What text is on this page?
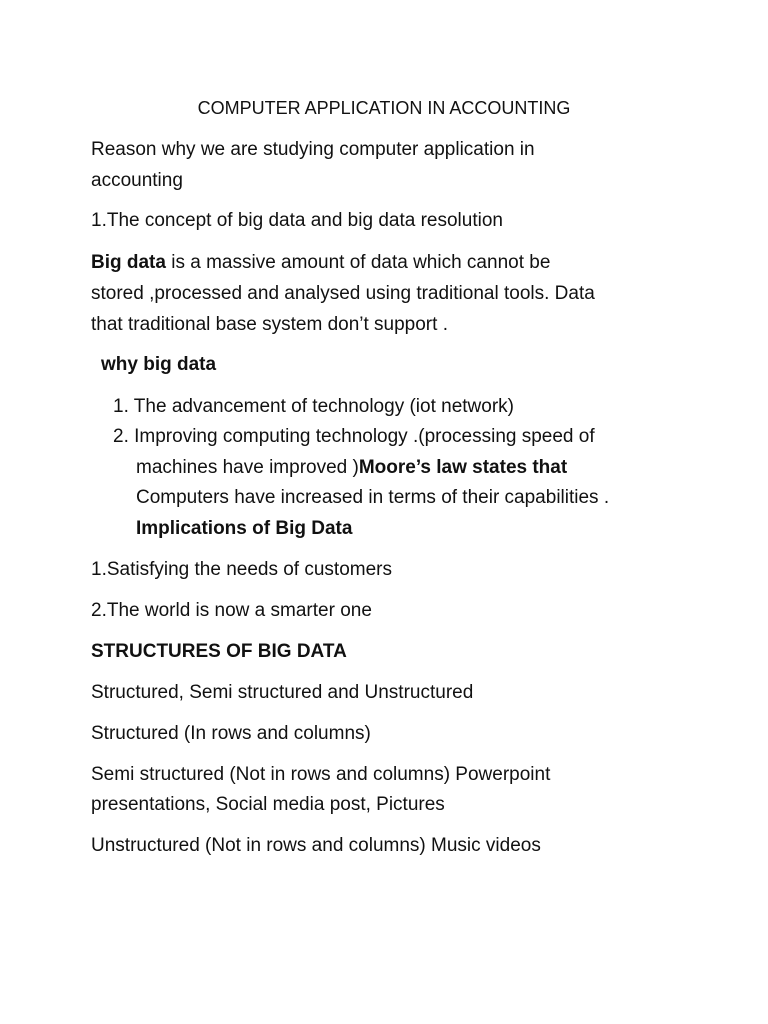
COMPUTER APPLICATION IN ACCOUNTING

Reason why we are studying computer application in

accounting

1.The concept of big data and big data resolution

Big data is a massive amount of data which cannot be

stored ,processed and analysed using traditional tools. Data

that traditional base system don’t support .

why big data

1. The advancement of technology (iot network)

2. Improving computing technology .(processing speed of

machines have improved )Moore’s law states that

Computers have increased in terms of their capabilities .

Implications of Big Data

1.Satisfying the needs of customers

2.The world is now a smarter one

STRUCTURES OF BIG DATA

Structured, Semi structured and Unstructured

Structured (In rows and columns)

Semi structured (Not in rows and columns) Powerpoint

presentations, Social media post, Pictures

Unstructured (Not in rows and columns) Music videos
